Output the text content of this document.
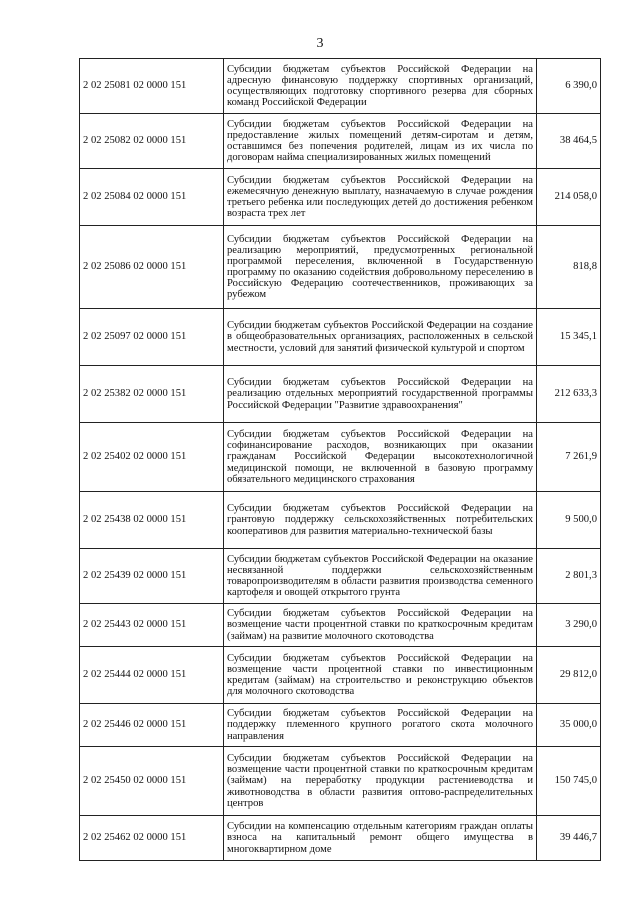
3
2 02 25081 02 0000 151	Субсидии бюджетам субъектов Российской Федерации на адресную финансовую поддержку спортивных организаций, осуществляющих подготовку спортивного резерва для сборных команд Российской Федерации	6 390,0
2 02 25082 02 0000 151	Субсидии бюджетам субъектов Российской Федерации на предоставление жилых помещений детям-сиротам и детям, оставшимся без попечения родителей, лицам из их числа по договорам найма специализированных жилых помещений	38 464,5
2 02 25084 02 0000 151	Субсидии бюджетам субъектов Российской Федерации на ежемесячную денежную выплату, назначаемую в случае рождения третьего ребенка или последующих детей до достижения ребенком возраста трех лет	214 058,0
2 02 25086 02 0000 151	Субсидии бюджетам субъектов Российской Федерации на реализацию мероприятий, предусмотренных региональной программой переселения, включенной в Государственную программу по оказанию содействия добровольному переселению в Российскую Федерацию соотечественников, проживающих за рубежом	818,8
2 02 25097 02 0000 151	Субсидии бюджетам субъектов Российской Федерации на создание в общеобразовательных организациях, расположенных в сельской местности, условий для занятий физической культурой и спортом	15 345,1
2 02 25382 02 0000 151	Субсидии бюджетам субъектов Российской Федерации на реализацию отдельных мероприятий государственной программы Российской Федерации "Развитие здравоохранения"	212 633,3
2 02 25402 02 0000 151	Субсидии бюджетам субъектов Российской Федерации на софинансирование расходов, возникающих при оказании гражданам Российской Федерации высокотехнологичной медицинской помощи, не включенной в базовую программу обязательного медицинского страхования	7 261,9
2 02 25438 02 0000 151	Субсидии бюджетам субъектов Российской Федерации на грантовую поддержку сельскохозяйственных потребительских кооперативов для развития материально-технической базы	9 500,0
2 02 25439 02 0000 151	Субсидии бюджетам субъектов Российской Федерации на оказание несвязанной поддержки сельскохозяйственным товаропроизводителям в области развития производства семенного картофеля и овощей открытого грунта	2 801,3
2 02 25443 02 0000 151	Субсидии бюджетам субъектов Российской Федерации на возмещение части процентной ставки по краткосрочным кредитам (займам) на развитие молочного скотоводства	3 290,0
2 02 25444 02 0000 151	Субсидии бюджетам субъектов Российской Федерации на возмещение части процентной ставки по инвестиционным кредитам (займам) на строительство и реконструкцию объектов для молочного скотоводства	29 812,0
2 02 25446 02 0000 151	Субсидии бюджетам субъектов Российской Федерации на поддержку племенного крупного рогатого скота молочного направления	35 000,0
2 02 25450 02 0000 151	Субсидии бюджетам субъектов Российской Федерации на возмещение части процентной ставки по краткосрочным кредитам (займам) на переработку продукции растениеводства и животноводства в области развития оптово-распределительных центров	150 745,0
2 02 25462 02 0000 151	Субсидии на компенсацию отдельным категориям граждан оплаты взноса на капитальный ремонт общего имущества в многоквартирном доме	39 446,7
